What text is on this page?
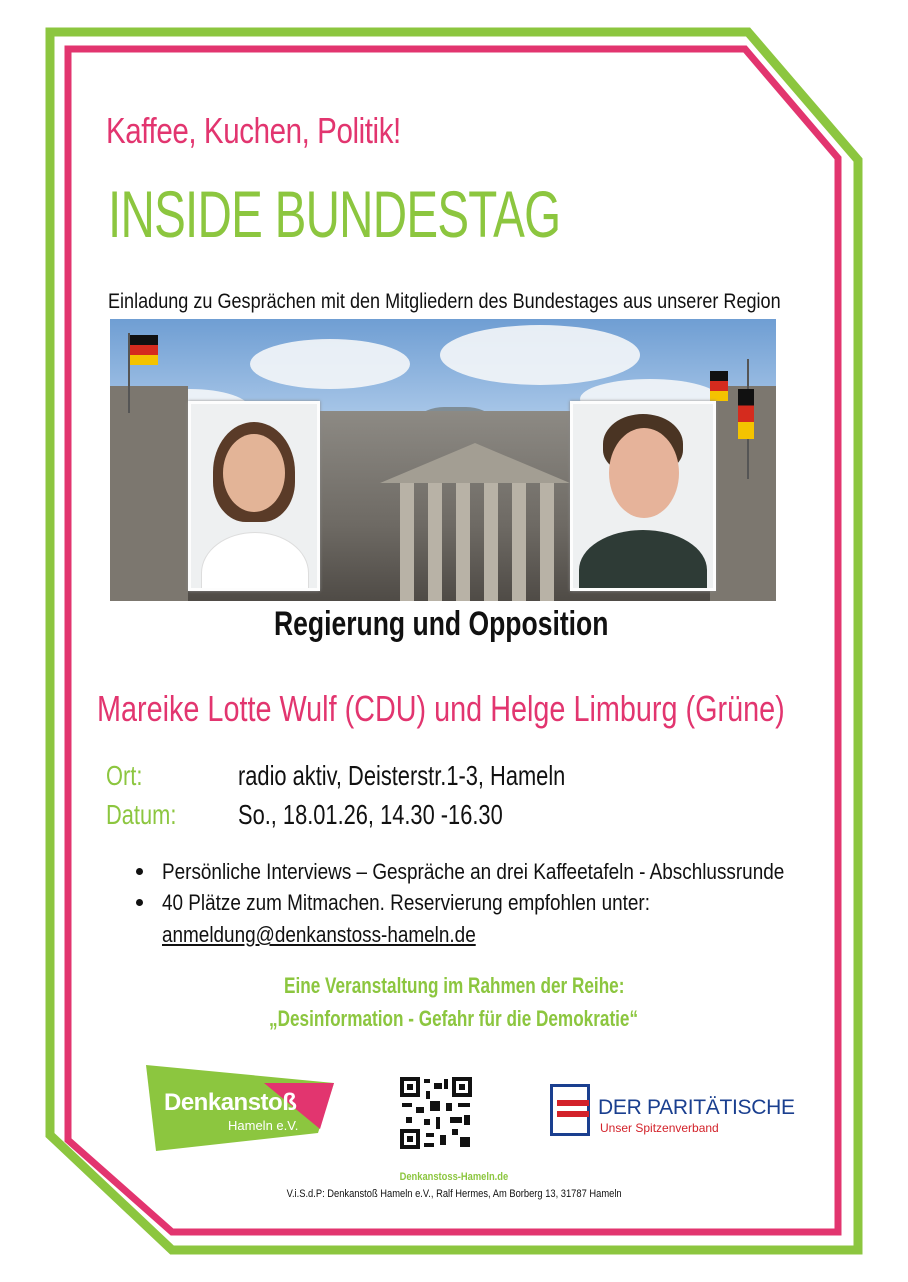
Kaffee, Kuchen, Politik!
INSIDE BUNDESTAG
Einladung zu Gesprächen mit den Mitgliedern des Bundestages aus unserer Region
Regierung und Opposition
Mareike Lotte Wulf (CDU) und Helge Limburg (Grüne)
Ort:	radio aktiv, Deisterstr.1-3, Hameln
Datum: So., 18.01.26, 14.30 -16.30
Persönliche Interviews – Gespräche an drei Kaffeetafeln - Abschlussrunde
40 Plätze zum Mitmachen. Reservierung empfohlen unter:
anmeldung@denkanstoss-hameln.de
Eine Veranstaltung im Rahmen der Reihe:
„Desinformation - Gefahr für die Demokratie“
Denkanstoß
Hameln e.V.
DER PARITÄTISCHE
Unser Spitzenverband
Denkanstoss-Hameln.de
V.i.S.d.P: Denkanstoß Hameln e.V., Ralf Hermes, Am Borberg 13, 31787 Hameln
